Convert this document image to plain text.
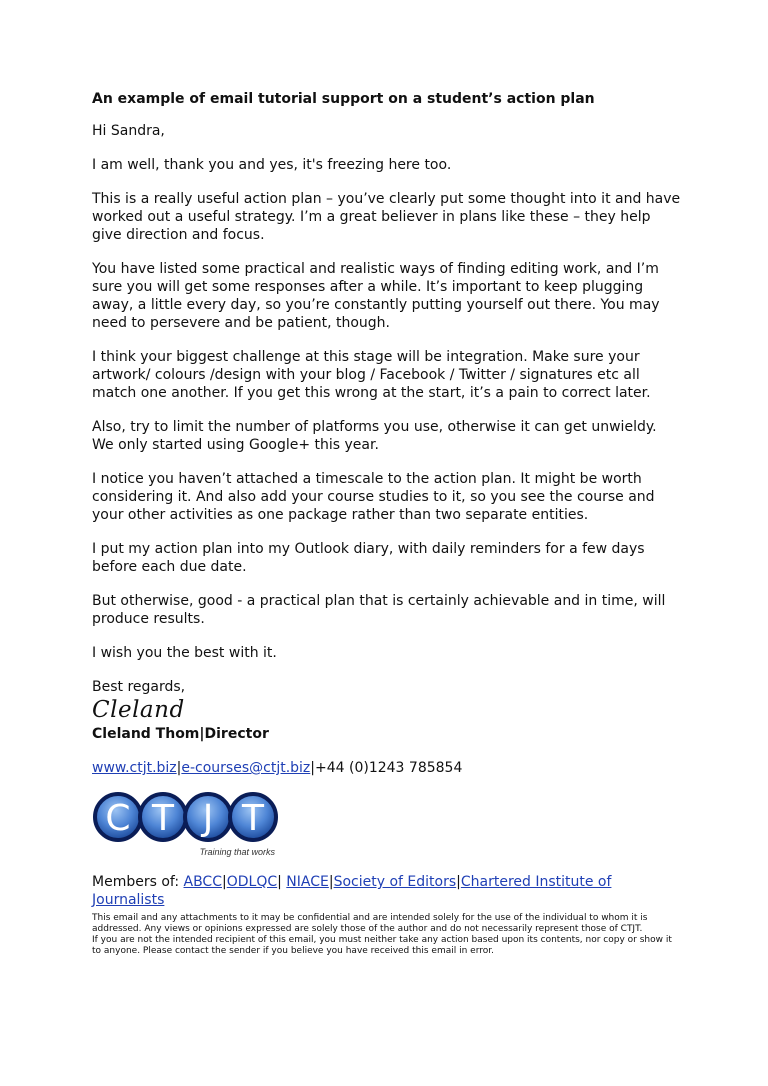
An example of email tutorial support on a student’s action plan

Hi Sandra,

I am well, thank you and yes, it's freezing here too.

This is a really useful action plan – you’ve clearly put some thought into it and have worked out a useful strategy. I’m a great believer in plans like these – they help give direction and focus.

You have listed some practical and realistic ways of finding editing work, and I’m sure you will get some responses after a while. It’s important to keep plugging away, a little every day, so you’re constantly putting yourself out there. You may need to persevere and be patient, though.

I think your biggest challenge at this stage will be integration. Make sure your artwork/ colours /design with your blog / Facebook / Twitter / signatures etc all match one another. If you get this wrong at the start, it’s a pain to correct later.

Also, try to limit the number of platforms you use, otherwise it can get unwieldy. We only started using Google+ this year.

I notice you haven’t attached a timescale to the action plan. It might be worth considering it. And also add your course studies to it, so you see the course and your other activities as one package rather than two separate entities.

I put my action plan into my Outlook diary, with daily reminders for a few days before each due date.

But otherwise, good - a practical plan that is certainly achievable and in time, will produce results.

I wish you the best with it.

Best regards,
Cleland
Cleland Thom|Director
www.ctjt.biz|e-courses@ctjt.biz|+44 (0)1243 785854
C T J T
Training that works
Members of: ABCC|ODLQC| NIACE|Society of Editors|Chartered Institute of Journalists
This email and any attachments to it may be confidential and are intended solely for the use of the individual to whom it is addressed. Any views or opinions expressed are solely those of the author and do not necessarily represent those of CTJT.
If you are not the intended recipient of this email, you must neither take any action based upon its contents, nor copy or show it to anyone. Please contact the sender if you believe you have received this email in error.
